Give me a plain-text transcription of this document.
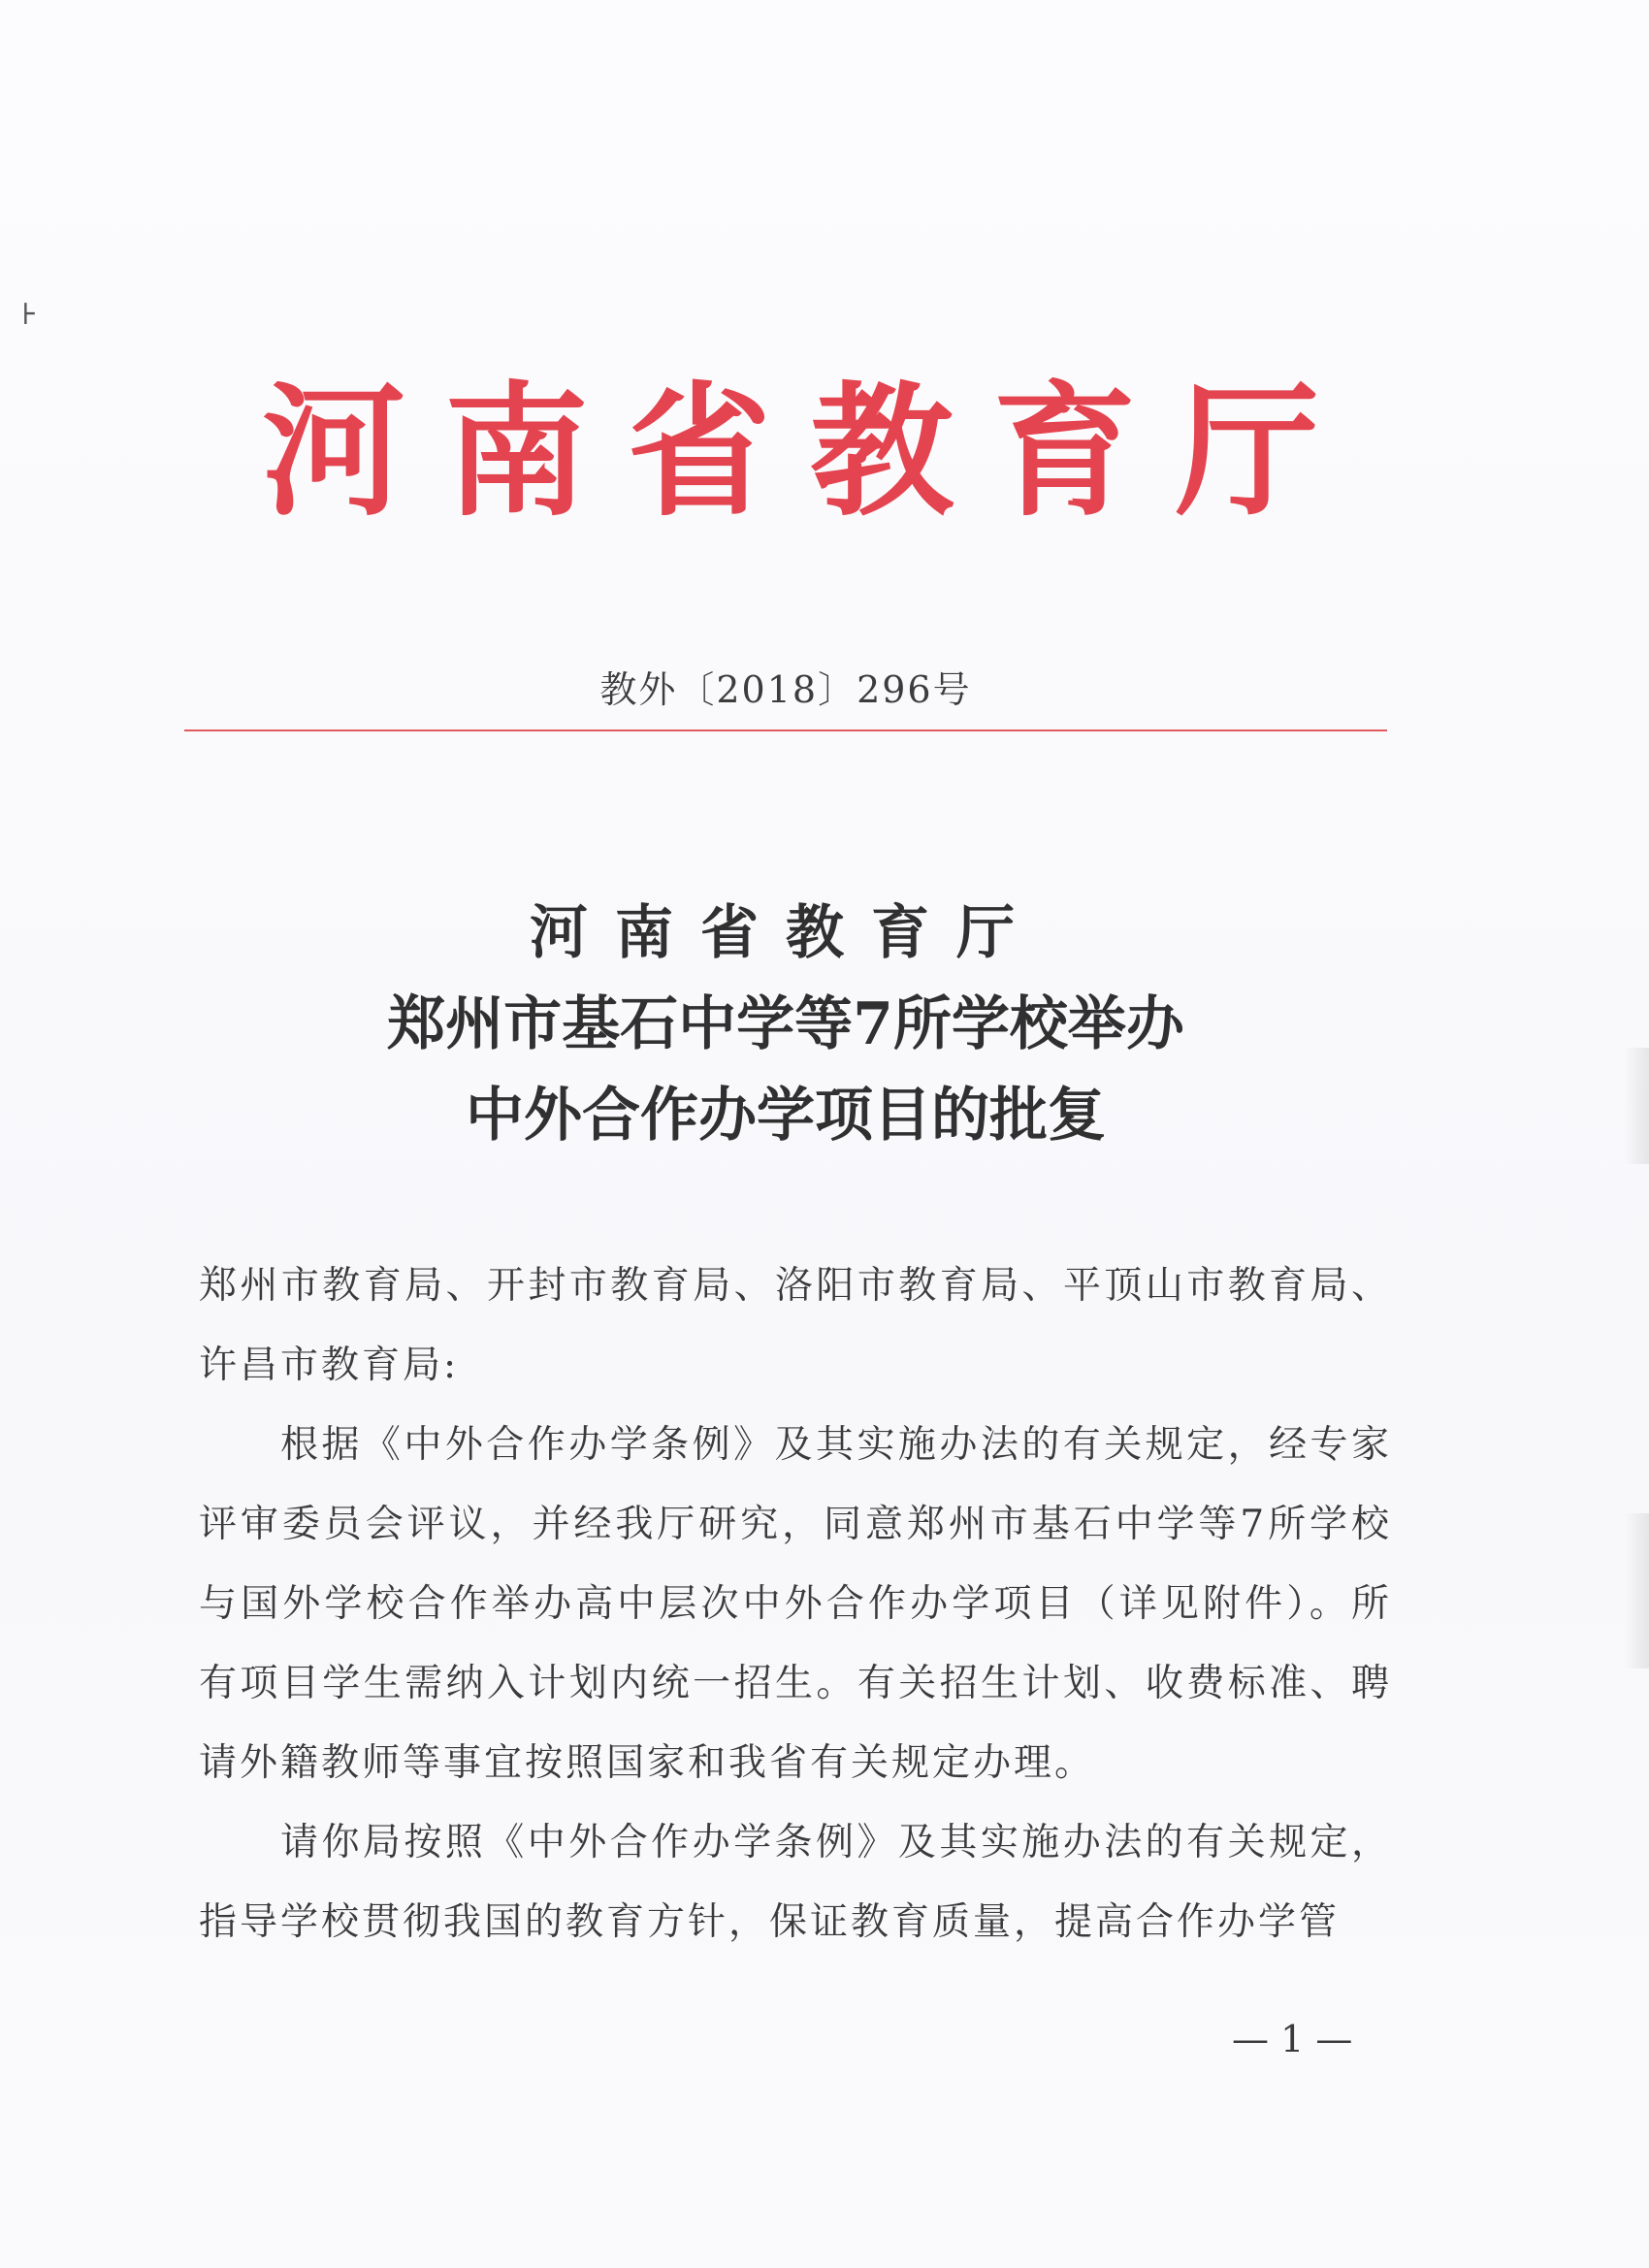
⊦
河 南 省 教 育 厅
教外〔2018〕296号
河南省教育厅
郑州市基石中学等7所学校举办
中外合作办学项目的批复

郑州市教育局、开封市教育局、洛阳市教育局、平顶山市教育局、许昌市教育局:

根据《中外合作办学条例》及其实施办法的有关规定，经专家评审委员会评议，并经我厅研究，同意郑州市基石中学等7所学校与国外学校合作举办高中层次中外合作办学项目（详见附件）。所有项目学生需纳入计划内统一招生。有关招生计划、收费标准、聘请外籍教师等事宜按照国家和我省有关规定办理。

请你局按照《中外合作办学条例》及其实施办法的有关规定，指导学校贯彻我国的教育方针，保证教育质量，提高合作办学管

— 1 —
